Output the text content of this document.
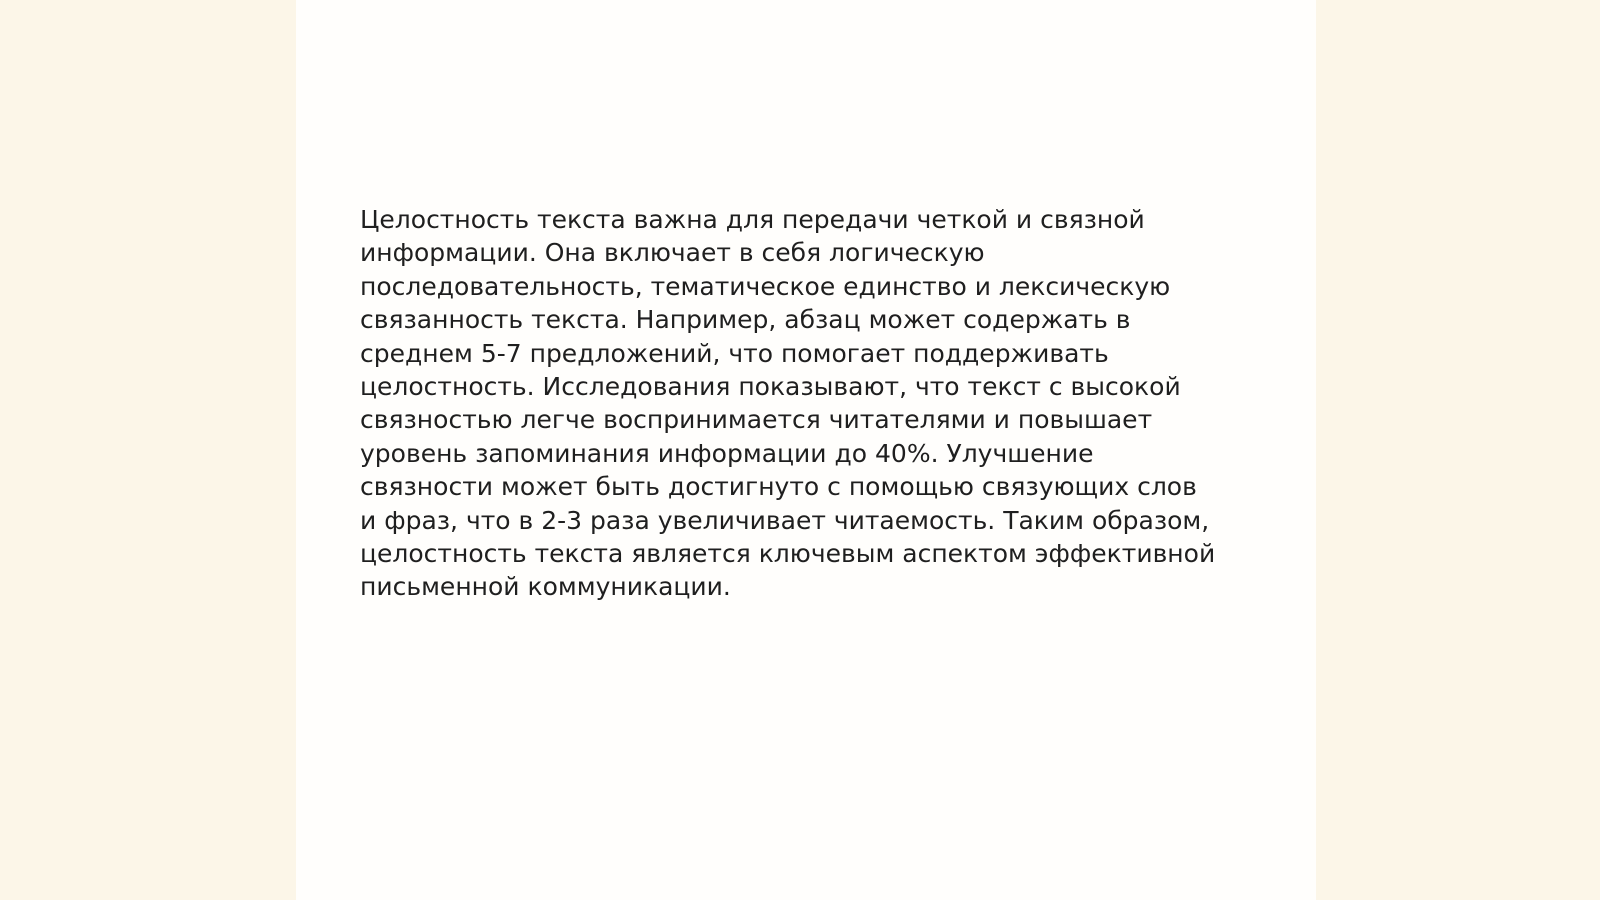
Целостность текста важна для передачи четкой и связной
информации. Она включает в себя логическую
последовательность, тематическое единство и лексическую
связанность текста. Например, абзац может содержать в
среднем 5-7 предложений, что помогает поддерживать
целостность. Исследования показывают, что текст с высокой
связностью легче воспринимается читателями и повышает
уровень запоминания информации до 40%. Улучшение
связности может быть достигнуто с помощью связующих слов
и фраз, что в 2-3 раза увеличивает читаемость. Таким образом,
целостность текста является ключевым аспектом эффективной
письменной коммуникации.
